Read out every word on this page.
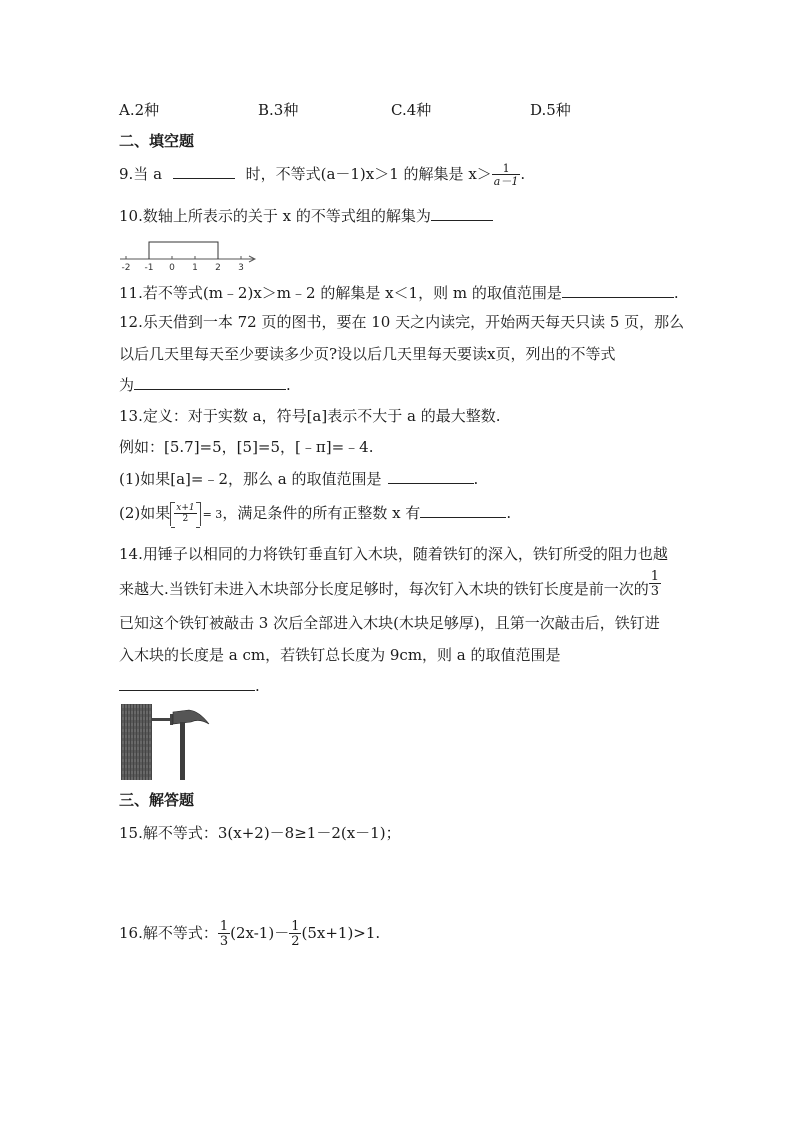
A.2种	B.3种	C.4种	D.5种
二、填空题
9.当 a	时，不等式(a－1)x＞1 的解集是 $x> \frac{1}{a-1}$ .
10.数轴上所表示的关于 x 的不等式组的解集为
-2 -1 0 1 2 3
11.若不等式(m﹣2)x＞m﹣2 的解集是 x＜1，则 m 的取值范围是	.
12.乐天借到一本 72 页的图书，要在 10 天之内读完，开始两天每天只读 5 页，那么
以后几天里每天至少要读多少页?设以后几天里每天要读x页，列出的不等式
为	.
13.定义：对于实数 a，符号[a]表示不大于 a 的最大整数.
例如：[5.7]=5，[5]=5，[﹣π]=﹣4.
(1)如果[a]=﹣2，那么 a 的取值范围是	.
(2)如果 $\frac{x+1}{2} = 3$，满足条件的所有正整数 x 有	.
14.用锤子以相同的力将铁钉垂直钉入木块，随着铁钉的深入，铁钉所受的阻力也越
来越大.当铁钉未进入木块部分长度足够时，每次钉入木块的铁钉长度是前一次的 $\frac{1}{3}$
已知这个铁钉被敲击 3 次后全部进入木块(木块足够厚)，且第一次敲击后，铁钉进
入木块的长度是 a cm，若铁钉总长度为 9cm，则 a 的取值范围是
.
三、解答题
15.解不等式：3(x+2)－8≥1－2(x－1)；
16.解不等式： $\frac{1}{3} (2x-1)- \frac{1}{2} (5x+1)>1$.
